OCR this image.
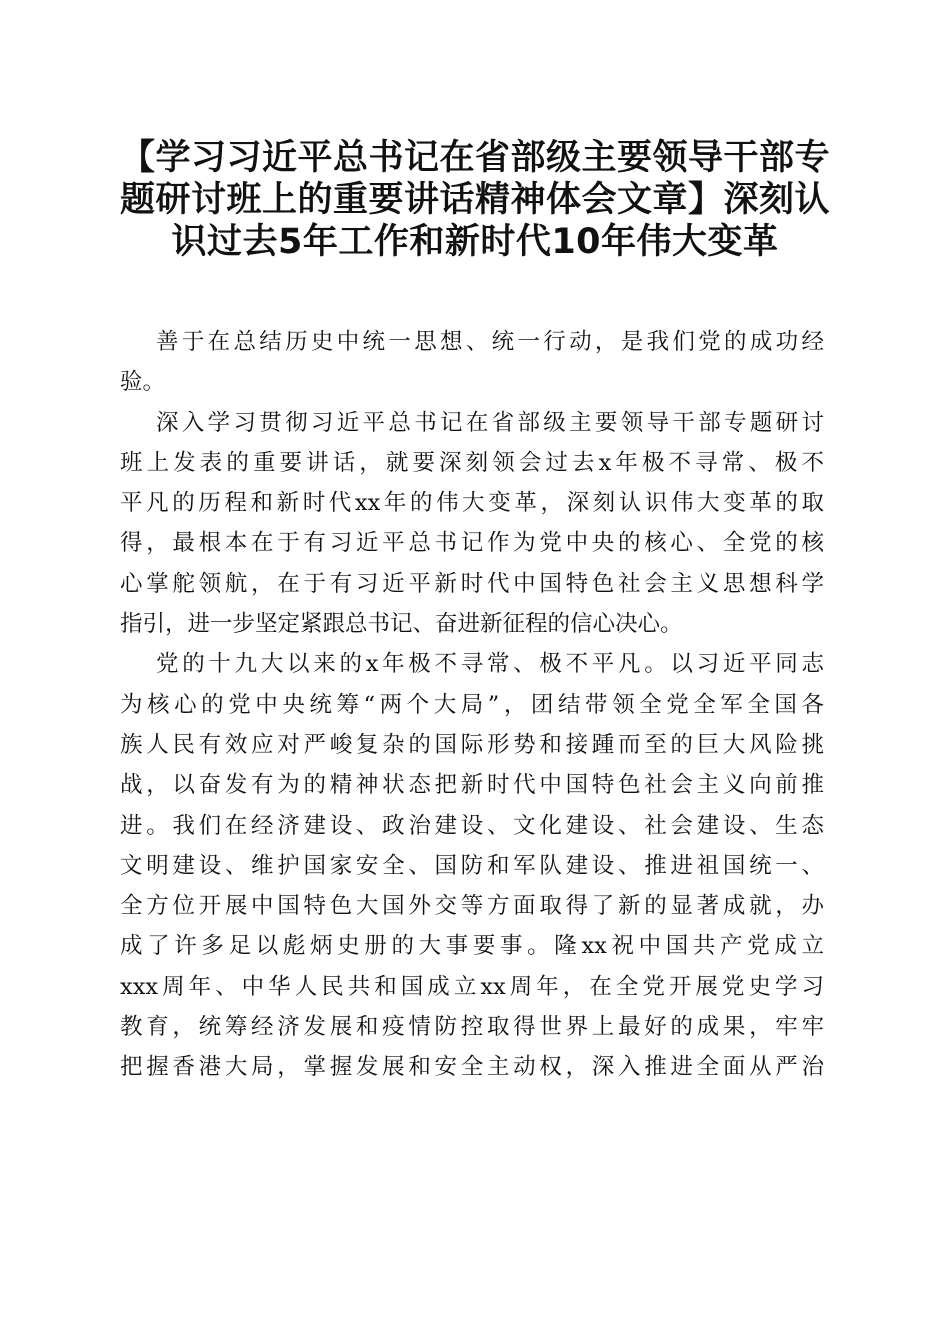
【学习习近平总书记在省部级主要领导干部专
题研讨班上的重要讲话精神体会文章】深刻认
识过去5年工作和新时代10年伟大变革

善于在总结历史中统一思想、统一行动，是我们党的成功经
验。

深入学习贯彻习近平总书记在省部级主要领导干部专题研讨
班上发表的重要讲话，就要深刻领会过去x年极不寻常、极不
平凡的历程和新时代xx年的伟大变革，深刻认识伟大变革的取
得，最根本在于有习近平总书记作为党中央的核心、全党的核
心掌舵领航，在于有习近平新时代中国特色社会主义思想科学
指引，进一步坚定紧跟总书记、奋进新征程的信心决心。

党的十九大以来的x年极不寻常、极不平凡。以习近平同志
为核心的党中央统筹“两个大局”，团结带领全党全军全国各
族人民有效应对严峻复杂的国际形势和接踵而至的巨大风险挑
战，以奋发有为的精神状态把新时代中国特色社会主义向前推
进。我们在经济建设、政治建设、文化建设、社会建设、生态
文明建设、维护国家安全、国防和军队建设、推进祖国统一、
全方位开展中国特色大国外交等方面取得了新的显著成就，办
成了许多足以彪炳史册的大事要事。隆xx祝中国共产党成立
xxx周年、中华人民共和国成立xx周年，在全党开展党史学习
教育，统筹经济发展和疫情防控取得世界上最好的成果，牢牢
把握香港大局，掌握发展和安全主动权，深入推进全面从严治
